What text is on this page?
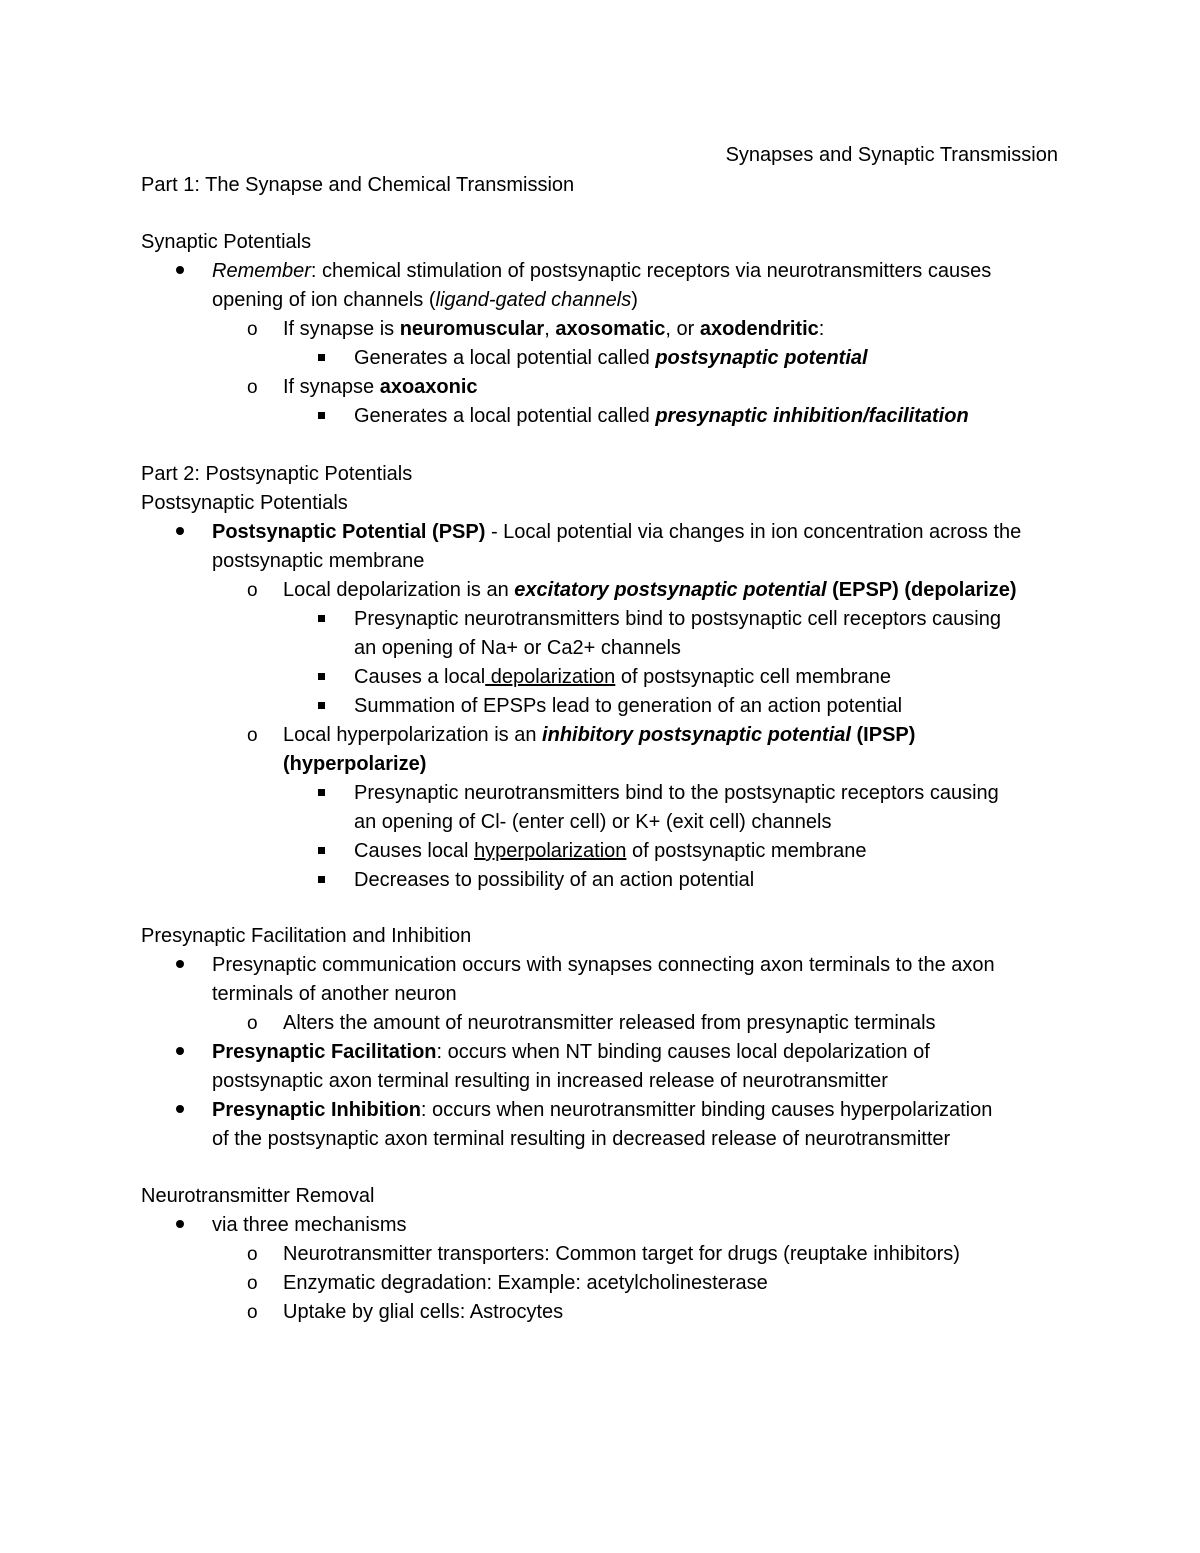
Synapses and Synaptic Transmission
Part 1: The Synapse and Chemical Transmission
Synaptic Potentials
Remember: chemical stimulation of postsynaptic receptors via neurotransmitters causes
opening of ion channels (ligand-gated channels)
o If synapse is neuromuscular, axosomatic, or axodendritic:
Generates a local potential called postsynaptic potential
o If synapse axoaxonic
Generates a local potential called presynaptic inhibition/facilitation
Part 2: Postsynaptic Potentials
Postsynaptic Potentials
Postsynaptic Potential (PSP) - Local potential via changes in ion concentration across the
postsynaptic membrane
o Local depolarization is an excitatory postsynaptic potential (EPSP) (depolarize)
Presynaptic neurotransmitters bind to postsynaptic cell receptors causing
an opening of Na+ or Ca2+ channels
Causes a local depolarization of postsynaptic cell membrane
Summation of EPSPs lead to generation of an action potential
o Local hyperpolarization is an inhibitory postsynaptic potential (IPSP)
(hyperpolarize)
Presynaptic neurotransmitters bind to the postsynaptic receptors causing
an opening of Cl- (enter cell) or K+ (exit cell) channels
Causes local hyperpolarization of postsynaptic membrane
Decreases to possibility of an action potential
Presynaptic Facilitation and Inhibition
Presynaptic communication occurs with synapses connecting axon terminals to the axon
terminals of another neuron
o Alters the amount of neurotransmitter released from presynaptic terminals
Presynaptic Facilitation: occurs when NT binding causes local depolarization of
postsynaptic axon terminal resulting in increased release of neurotransmitter
Presynaptic Inhibition: occurs when neurotransmitter binding causes hyperpolarization
of the postsynaptic axon terminal resulting in decreased release of neurotransmitter
Neurotransmitter Removal
via three mechanisms
o Neurotransmitter transporters: Common target for drugs (reuptake inhibitors)
o Enzymatic degradation: Example: acetylcholinesterase
o Uptake by glial cells: Astrocytes
